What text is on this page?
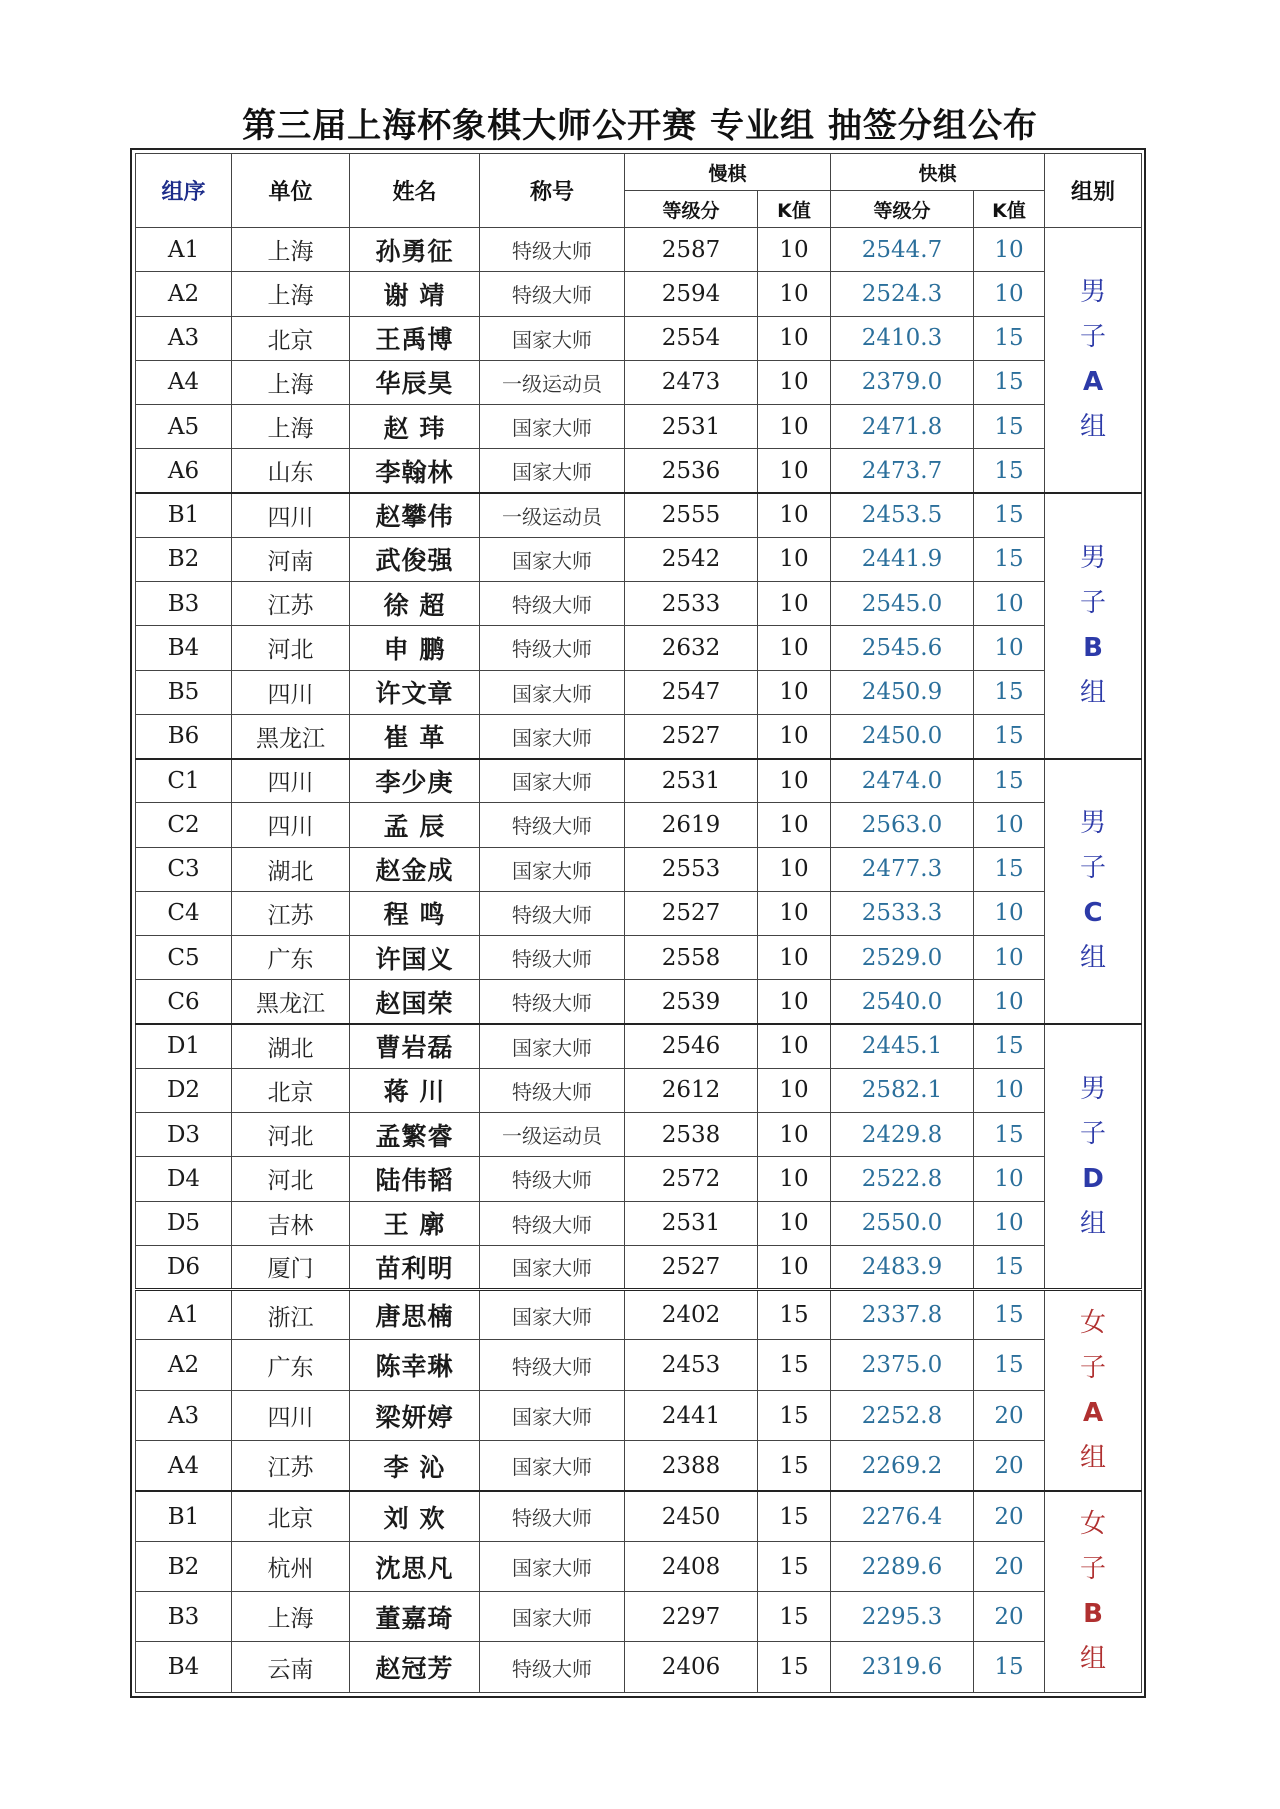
第三届上海杯象棋大师公开赛 专业组 抽签分组公布
组序	单位	姓名	称号	慢棋		快棋		组别
				等级分	K值	等级分	K值	
A1	上海	孙勇征	特级大师	2587	10	2544.7	10	男
子
A
组

A2	上海	谢 靖	特级大师	2594	10	2524.3	10	
A3	北京	王禹博	国家大师	2554	10	2410.3	15	
A4	上海	华辰昊	一级运动员	2473	10	2379.0	15	
A5	上海	赵 玮	国家大师	2531	10	2471.8	15	
A6	山东	李翰林	国家大师	2536	10	2473.7	15	
B1	四川	赵攀伟	一级运动员	2555	10	2453.5	15	男
子
B
组

B2	河南	武俊强	国家大师	2542	10	2441.9	15	
B3	江苏	徐 超	特级大师	2533	10	2545.0	10	
B4	河北	申 鹏	特级大师	2632	10	2545.6	10	
B5	四川	许文章	国家大师	2547	10	2450.9	15	
B6	黑龙江	崔 革	国家大师	2527	10	2450.0	15	
C1	四川	李少庚	国家大师	2531	10	2474.0	15	男
子
C
组

C2	四川	孟 辰	特级大师	2619	10	2563.0	10	
C3	湖北	赵金成	国家大师	2553	10	2477.3	15	
C4	江苏	程 鸣	特级大师	2527	10	2533.3	10	
C5	广东	许国义	特级大师	2558	10	2529.0	10	
C6	黑龙江	赵国荣	特级大师	2539	10	2540.0	10	
D1	湖北	曹岩磊	国家大师	2546	10	2445.1	15	男
子
D
组

D2	北京	蒋 川	特级大师	2612	10	2582.1	10	
D3	河北	孟繁睿	一级运动员	2538	10	2429.8	15	
D4	河北	陆伟韬	特级大师	2572	10	2522.8	10	
D5	吉林	王 廓	特级大师	2531	10	2550.0	10	
D6	厦门	苗利明	国家大师	2527	10	2483.9	15	
A1	浙江	唐思楠	国家大师	2402	15	2337.8	15	女
子
A
组

A2	广东	陈幸琳	特级大师	2453	15	2375.0	15	
A3	四川	梁妍婷	国家大师	2441	15	2252.8	20	
A4	江苏	李 沁	国家大师	2388	15	2269.2	20	
B1	北京	刘 欢	特级大师	2450	15	2276.4	20	女
子
B
组

B2	杭州	沈思凡	国家大师	2408	15	2289.6	20	
B3	上海	董嘉琦	国家大师	2297	15	2295.3	20	
B4	云南	赵冠芳	特级大师	2406	15	2319.6	15	
